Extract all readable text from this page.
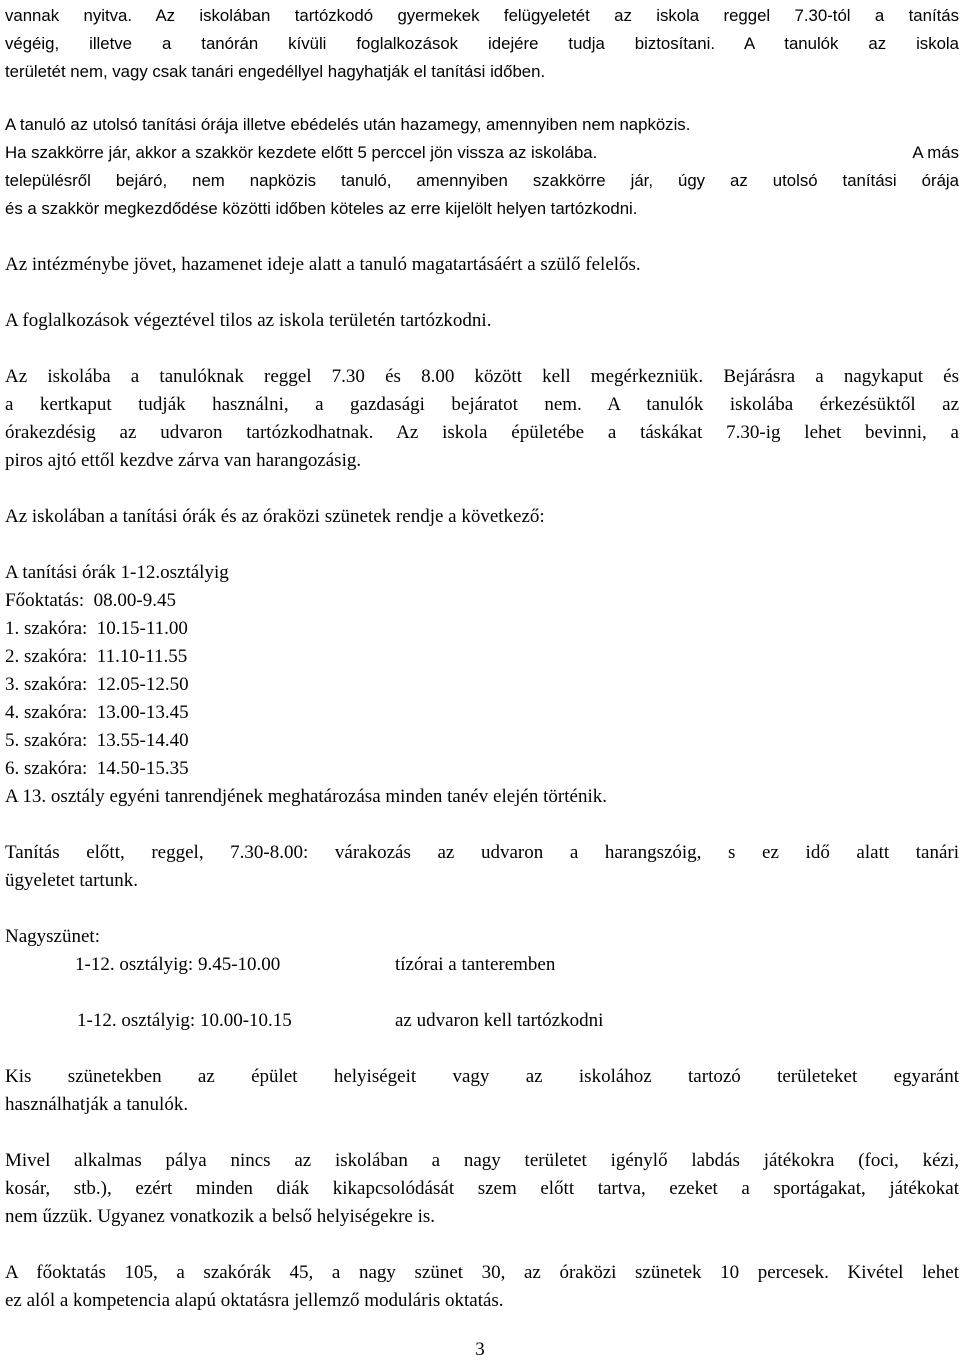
vannak nyitva. Az iskolában tartózkodó gyermekek felügyeletét az iskola reggel 7.30-tól a tanítás
végéig, illetve a tanórán kívüli foglalkozások idejére tudja biztosítani. A tanulók az iskola
területét nem, vagy csak tanári engedéllyel hagyhatják el tanítási időben.
A tanuló az utolsó tanítási órája illetve ebédelés után hazamegy, amennyiben nem napközis.
Ha szakkörre jár, akkor a szakkör kezdete előtt 5 perccel jön vissza az iskolába.	A más
településről bejáró, nem napközis tanuló, amennyiben szakkörre jár, úgy az utolsó tanítási órája
és a szakkör megkezdődése közötti időben köteles az erre kijelölt helyen tartózkodni.
Az intézménybe jövet, hazamenet ideje alatt a tanuló magatartásáért a szülő felelős.
A foglalkozások végeztével tilos az iskola területén tartózkodni.
Az iskolába a tanulóknak reggel 7.30 és 8.00 között kell megérkezniük. Bejárásra a nagykaput és
a kertkaput tudják használni, a gazdasági bejáratot nem. A tanulók iskolába érkezésüktől az
órakezdésig az udvaron tartózkodhatnak. Az iskola épületébe a táskákat 7.30-ig lehet bevinni, a
piros ajtó ettől kezdve zárva van harangozásig.
Az iskolában a tanítási órák és az óraközi szünetek rendje a következő:
A tanítási órák 1-12.osztályig
Főoktatás:  08.00-9.45
1. szakóra:  10.15-11.00
2. szakóra:  11.10-11.55
3. szakóra:  12.05-12.50
4. szakóra:  13.00-13.45
5. szakóra:  13.55-14.40
6. szakóra:  14.50-15.35
A 13. osztály egyéni tanrendjének meghatározása minden tanév elején történik.
Tanítás előtt, reggel, 7.30-8.00: várakozás az udvaron a harangszóig, s ez idő alatt tanári
ügyeletet tartunk.
Nagyszünet:
1-12. osztályig: 9.45-10.00	tízórai a tanteremben
1-12. osztályig: 10.00-10.15	az udvaron kell tartózkodni
Kis szünetekben az épület helyiségeit vagy az iskolához tartozó területeket egyaránt
használhatják a tanulók.
Mivel alkalmas pálya nincs az iskolában a nagy területet igénylő labdás játékokra (foci, kézi,
kosár, stb.), ezért minden diák kikapcsolódását szem előtt tartva, ezeket a sportágakat, játékokat
nem űzzük. Ugyanez vonatkozik a belső helyiségekre is.
A főoktatás 105, a szakórák 45, a nagy szünet 30, az óraközi szünetek 10 percesek. Kivétel lehet
ez alól a kompetencia alapú oktatásra jellemző moduláris oktatás.
3
